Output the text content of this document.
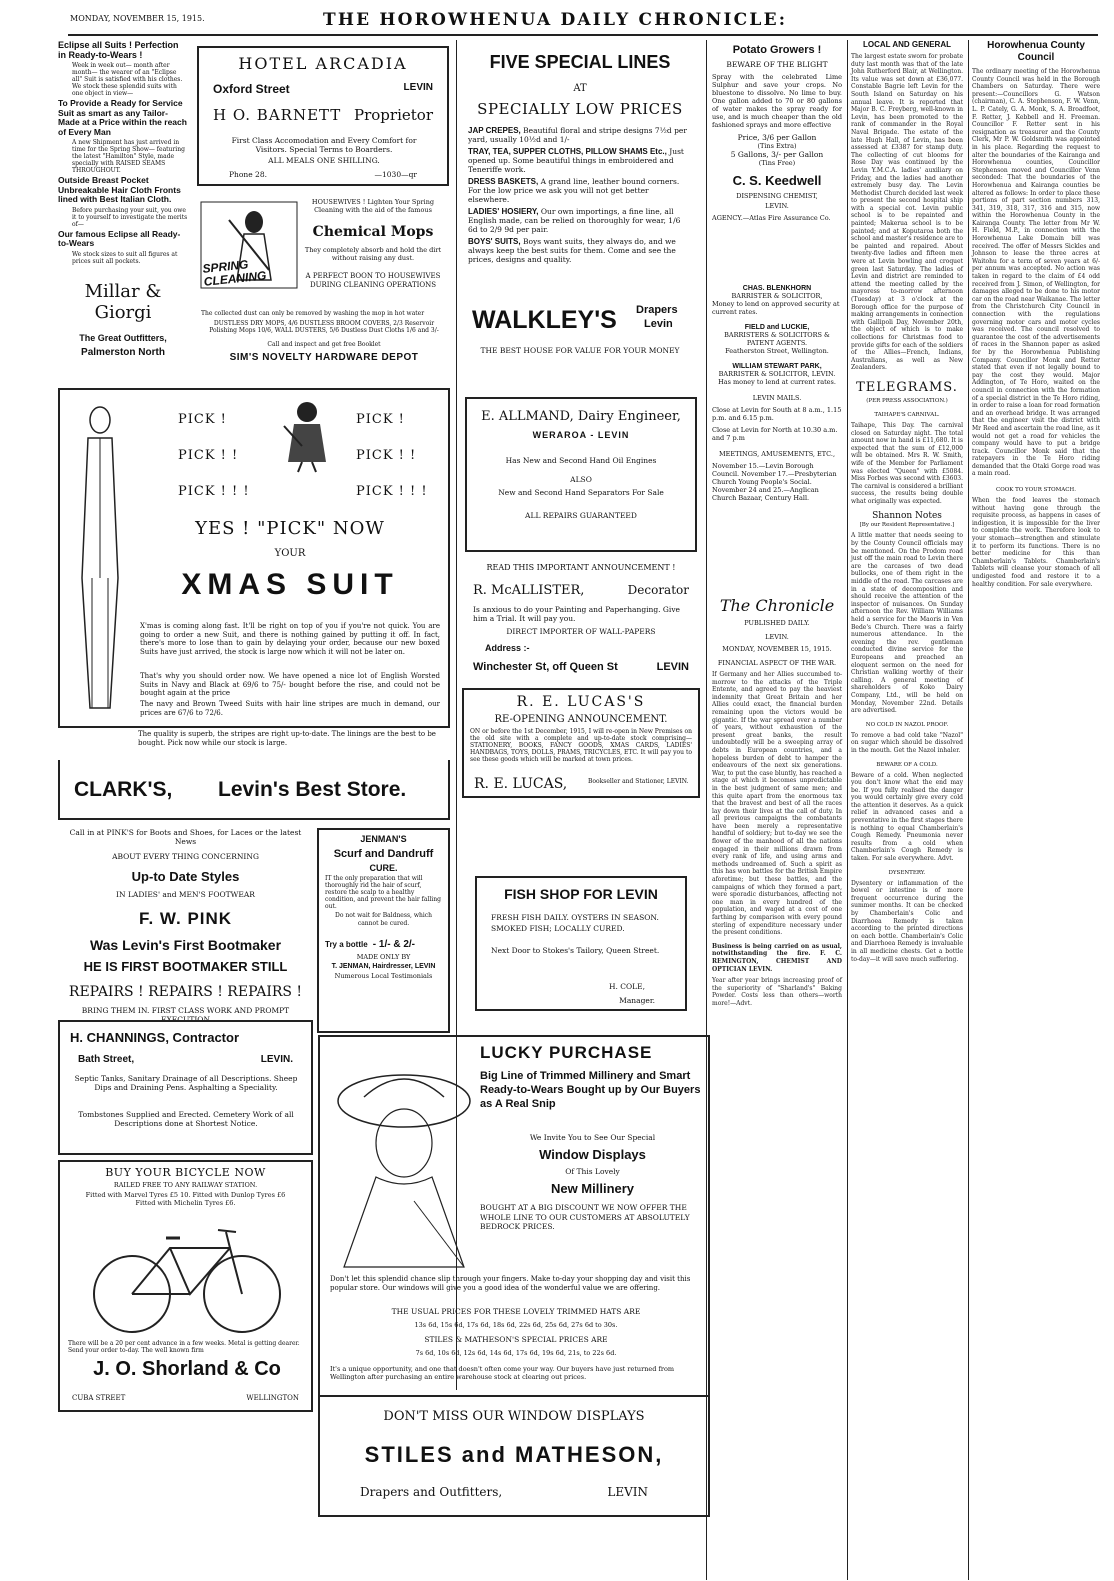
MONDAY, NOVEMBER 15, 1915.	THE HOROWHENUA DAILY CHRONICLE:
Eclipse all Suits ! Perfection in Ready-to-Wears !
Week in week out— month after month— the wearer of an "Eclipse all" Suit is satisfied with his clothes. We stock these splendid suits with one object in view—
To Provide a Ready for Service Suit as smart as any Tailor-Made at a Price within the reach of Every Man
A new Shipment has just arrived in time for the Spring Show— featuring the latest "Hamilton" Style, made specially with RAISED SEAMS THROUGHOUT.
Outside Breast Pocket Unbreakable Hair Cloth Fronts lined with Best Italian Cloth.
Before purchasing your suit, you owe it to yourself to investigate the merits of—
Our famous Eclipse all Ready-to-Wears
We stock sizes to suit all figures at prices suit all pockets.
Millar & Giorgi
The Great Outfitters,
Palmerston North
HOTEL ARCADIA
Oxford Street	LEVIN
H O. BARNETT Proprietor
First Class Accomodation and Every Comfort for Visitors. Special Terms to Boarders.
ALL MEALS ONE SHILLING.
Phone 28.	—1030—qr
SPRING CLEANING
HOUSEWIVES ! Lighten Your Spring Cleaning with the aid of the famous
Chemical Mops
They completely absorb and hold the dirt without raising any dust.
A PERFECT BOON TO HOUSEWIVES DURING CLEANING OPERATIONS
The collected dust can only be removed by washing the mop in hot water
DUSTLESS DRY MOPS, 4/6 DUSTLESS BROOM COVERS, 2/3 Reservoir Polishing Mops 10/6, WALL DUSTERS, 5/6 Dustless Dust Cloths 1/6 and 3/-
Call and inspect and get free Booklet
SIM'S NOVELTY HARDWARE DEPOT
PICK !
PICK ! !
PICK ! ! !
PICK !
PICK ! !
PICK ! ! !
YES ! "PICK" NOW
YOUR
XMAS SUIT
X'mas is coming along fast. It'll be right on top of you if you're not quick. You are going to order a new Suit, and there is nothing gained by putting it off. In fact, there's more to lose than to gain by delaying your order, because our new boxed Suits have just arrived, the stock is large now which it will not be later on.
That's why you should order now. We have opened a nice lot of English Worsted Suits in Navy and Black at 69/6 to 75/- bought before the rise, and could not be bought again at the price
The navy and Brown Tweed Suits with hair line stripes are much in demand, our prices are 67/6 to 72/6.
The quality is superb, the stripes are right up-to-date. The linings are the best to be bought. Pick now while our stock is large.
CLARK'S, Levin's Best Store.
Call in at PINK'S for Boots and Shoes, for Laces or the latest News
ABOUT EVERY THING CONCERNING
Up-to Date Styles
IN LADIES' and MEN'S FOOTWEAR
F. W. PINK
Was Levin's First Bootmaker
HE IS FIRST BOOTMAKER STILL
REPAIRS ! REPAIRS ! REPAIRS !
BRING THEM IN. FIRST CLASS WORK AND PROMPT EXECUTION
JENMAN'S
Scurf and Dandruff
CURE.
IT the only preparation that will thoroughly rid the hair of scurf, restore the scalp to a healthy condition, and prevent the hair falling out.
Do not wait for Baldness, which cannot be cured.
Try a bottle - 1/- & 2/-
MADE ONLY BY
T. JENMAN, Hairdresser, LEVIN
Numerous Local Testimonials
H. CHANNINGS, Contractor
Bath Street,	LEVIN.
Septic Tanks, Sanitary Drainage of all Descriptions. Sheep Dips and Draining Pens. Asphalting a Speciality.
Tombstones Supplied and Erected. Cemetery Work of all Descriptions done at Shortest Notice.
BUY YOUR BICYCLE NOW
RAILED FREE TO ANY RAILWAY STATION.
Fitted with Marvel Tyres £5 10. Fitted with Dunlop Tyres £6
Fitted with Michelin Tyres £6.
There will be a 20 per cent advance in a few weeks. Metal is getting dearer. Send your order to-day. The well known firm
J. O. Shorland & Co
CUBA STREET	WELLINGTON
FIVE SPECIAL LINES
AT
SPECIALLY LOW PRICES

JAP CREPES, Beautiful floral and stripe designs 7½d per yard, usually 10½d and 1/-

TRAY, TEA, SUPPER CLOTHS, PILLOW SHAMS Etc., Just opened up. Some beautiful things in embroidered and Teneriffe work.

DRESS BASKETS, A grand line, leather bound corners. For the low price we ask you will not get better elsewhere.

LADIES' HOSIERY, Our own importings, a fine line, all English made, can be relied on thoroughly for wear, 1/6 6d to 2/9 9d per pair.

BOYS' SUITS, Boys want suits, they always do, and we always keep the best suits for them. Come and see the prices, designs and quality.

WALKLEY'S Drapers
Levin
THE BEST HOUSE FOR VALUE FOR YOUR MONEY
E. ALLMAND, Dairy Engineer,
WERAROA - LEVIN
Has New and Second Hand Oil Engines
ALSO
New and Second Hand Separators For Sale
ALL REPAIRS GUARANTEED
READ THIS IMPORTANT ANNOUNCEMENT !
R. McALLISTER,	Decorator
Is anxious to do your Painting and Paperhanging. Give him a Trial. It will pay you.
DIRECT IMPORTER OF WALL-PAPERS
Address :-
Winchester St, off Queen St	LEVIN
R. E. LUCAS'S
RE-OPENING ANNOUNCEMENT.
ON or before the 1st December, 1915, I will re-open in New Premises on the old site with a complete and up-to-date stock comprising— STATIONERY, BOOKS, FANCY GOODS, XMAS CARDS, LADIES' HANDBAGS, TOYS, DOLLS, PRAMS, TRICYCLES, ETC. It will pay you to see these goods which will be marked at town prices.
R. E. LUCAS,	Bookseller and Stationer, LEVIN.
FISH SHOP FOR LEVIN
FRESH FISH DAILY. OYSTERS IN SEASON. SMOKED FISH; LOCALLY CURED.
Next Door to Stokes's Tailory, Queen Street.
H. COLE,
Manager.
LUCKY PURCHASE
Big Line of Trimmed Millinery and Smart Ready-to-Wears Bought up by Our Buyers as A Real Snip
We Invite You to See Our Special
Window Displays
Of This Lovely
New Millinery
BOUGHT AT A BIG DISCOUNT WE NOW OFFER THE WHOLE LINE TO OUR CUSTOMERS AT ABSOLUTELY BEDROCK PRICES.
Don't let this splendid chance slip through your fingers. Make to-day your shopping day and visit this popular store. Our windows will give you a good idea of the wonderful value we are offering.
THE USUAL PRICES FOR THESE LOVELY TRIMMED HATS ARE
13s 6d, 15s 6d, 17s 6d, 18s 6d, 22s 6d, 25s 6d, 27s 6d to 30s.
STILES & MATHESON'S SPECIAL PRICES ARE
7s 6d, 10s 6d, 12s 6d, 14s 6d, 17s 6d, 19s 6d, 21s, to 22s 6d.
It's a unique opportunity, and one that doesn't often come your way. Our buyers have just returned from Wellington after purchasing an entire warehouse stock at clearing out prices.
DON'T MISS OUR WINDOW DISPLAYS
STILES and MATHESON,
Drapers and Outfitters,	LEVIN
Potato Growers !
BEWARE OF THE BLIGHT
Spray with the celebrated Lime Sulphur and save your crops. No bluestone to dissolve. No lime to buy. One gallon added to 70 or 80 gallons of water makes the spray ready for use, and is much cheaper than the old fashioned sprays and more effective
Price, 3/6 per Gallon
(Tins Extra)
5 Gallons, 3/- per Gallon
(Tins Free)
C. S. Keedwell
DISPENSING CHEMIST,
LEVIN.
AGENCY.—Atlas Fire Assurance Co.
CHAS. BLENKHORN
BARRISTER & SOLICITOR,
Money to lend on approved security at current rates.
FIELD and LUCKIE,
BARRISTERS & SOLICITORS & PATENT AGENTS.
Featherston Street, Wellington.
WILLIAM STEWART PARK,
BARRISTER & SOLICITOR, LEVIN.
Has money to lend at current rates.
LEVIN MAILS.
Close at Levin for South at 8 a.m., 1.15 p.m. and 6.15 p.m.
Close at Levin for North at 10.30 a.m. and 7 p.m
MEETINGS, AMUSEMENTS, ETC.,
November 15.—Levin Borough Council. November 17.—Presbyterian Church Young People's Social. November 24 and 25.—Anglican Church Bazaar, Century Hall.
The Chronicle
PUBLISHED DAILY.
LEVIN.
MONDAY, NOVEMBER 15, 1915.
FINANCIAL ASPECT OF THE WAR.
If Germany and her Allies succumbed to-morrow to the attacks of the Triple Entente, and agreed to pay the heaviest indemnity that Great Britain and her Allies could exact, the financial burden remaining upon the victors would be gigantic. If the war spread over a number of years, without exhaustion of the present great banks, the result undoubtedly will be a sweeping array of debts in European countries, and a hopeless burden of debt to hamper the endeavours of the next six generations. War, to put the case bluntly, has reached a stage at which it becomes unpredictable in the best judgment of same men; and this quite apart from the enormous tax that the bravest and best of all the races lay down their lives at the call of duty. In all previous campaigns the combatants have been merely a representative handful of soldiery; but to-day we see the flower of the manhood of all the nations engaged in their millions drawn from every rank of life, and using arms and methods undreamed of. Such a spirit as this has won battles for the British Empire aforetime; but these battles, and the campaigns of which they formed a part, were sporadic disturbances, affecting not one man in every hundred of the population, and waged at a cost of one farthing by comparison with every pound sterling of expenditure necessary under the present conditions.
Business is being carried on as usual, notwithstanding the fire. F. C. REMINGTON, CHEMIST AND OPTICIAN LEVIN.
Year after year brings increasing proof of the superiority of "Sharland's" Baking Powder. Costs less than others—worth more!—Advt.
LOCAL AND GENERAL
The largest estate sworn for probate duty last month was that of the late John Rutherford Blair, at Wellington. Its value was set down at £36,077. Constable Bagrie left Levin for the South Island on Saturday on his annual leave. It is reported that Major B. C. Freyberg, well-known in Levin, has been promoted to the rank of commander in the Royal Naval Brigade. The estate of the late Hugh Hall, of Levin, has been assessed at £3387 for stamp duty. The collecting of cut blooms for Rose Day was continued by the Levin Y.M.C.A. ladies' auxiliary on Friday, and the ladies had another extremely busy day. The Levin Methodist Church decided last week to present the second hospital ship with a special cot. Levin public school is to be repainted and painted; Makerua school is to be painted; and at Koputaroa both the school and master's residence are to be painted and repaired. About twenty-five ladies and fifteen men were at Levin bowling and croquet green last Saturday. The ladies of Levin and district are reminded to attend the meeting called by the mayoress to-morrow afternoon (Tuesday) at 3 o'clock at the Borough office for the purpose of making arrangements in connection with Gallipoli Day, November 20th, the object of which is to make collections for Christmas food to provide gifts for each of the soldiers of the Allies—French, Indians, Australians, as well as New Zealanders.
TELEGRAMS.
(PER PRESS ASSOCIATION.)
TAIHAPE'S CARNIVAL.
Taihape, This Day. The carnival closed on Saturday night. The total amount now in hand is £11,680. It is expected that the sum of £12,000 will be obtained. Mrs R. W. Smith, wife of the Member for Parliament was elected "Queen" with £5084. Miss Forbes was second with £3603. The carnival is considered a brilliant success, the results being double what originally was expected.
Shannon Notes
[By our Resident Representative.]
A little matter that needs seeing to by the County Council officials may be mentioned. On the Prodom road just off the main road to Levin there are the carcases of two dead bullocks, one of them right in the middle of the road. The carcases are in a state of decomposition and should receive the attention of the inspector of nuisances. On Sunday afternoon the Rev. William Williams held a service for the Maoris in Ven Bede's Church. There was a fairly numerous attendance. In the evening the rev. gentleman conducted divine service for the Europeans and preached an eloquent sermon on the need for Christian walking worthy of their calling. A general meeting of shareholders of Koko Dairy Company, Ltd., will be held on Monday, November 22nd. Details are advertised.
NO COLD IN NAZOL PROOF.
To remove a bad cold take "Nazol" on sugar which should be dissolved in the mouth. Get the Nazol inhaler.
BEWARE OF A COLD.
Beware of a cold. When neglected you don't know what the end may be. If you fully realised the danger you would certainly give every cold the attention it deserves. As a quick relief in advanced cases and a preventative in the first stages there is nothing to equal Chamberlain's Cough Remedy. Pneumonia never results from a cold when Chamberlain's Cough Remedy is taken. For sale everywhere. Advt.
DYSENTERY.
Dysentery or inflammation of the bowel or intestine is of more frequent occurrence during the summer months. It can be checked by Chamberlain's Colic and Diarrhoea Remedy is taken according to the printed directions on each bottle. Chamberlain's Colic and Diarrhoea Remedy is invaluable in all medicine chests. Get a bottle to-day—it will save much suffering.
Horowhenua County Council
The ordinary meeting of the Horowhenua County Council was held in the Borough Chambers on Saturday. There were present:—Councillors G. Watson (chairman), C. A. Stephenson, F. W. Venn, L. P. Cately, G. A. Monk, S. A. Broadfoot, F. Retter, J. Kebbell and H. Freeman. Councillor F. Retter sent in his resignation as treasurer and the County Clerk, Mr P. W. Goldsmith was appointed in his place. Regarding the request to alter the boundaries of the Kairanga and Horowhenua counties, Councillor Stephenson moved and Councillor Venn seconded: That the boundaries of the Horowhenua and Kairanga counties be altered as follows: In order to place these portions of part section numbers 313, 341, 319, 318, 317, 316 and 315, now within the Horowhenua County in the Kairanga County. The letter from Mr W. H. Field, M.P., in connection with the Horowhenua Lake Domain bill was received. The offer of Messrs Sickles and Johnson to lease the three acres at Waitohu for a term of seven years at 6/- per annum was accepted. No action was taken in regard to the claim of £4 odd received from J. Simon, of Wellington, for damages alleged to be done to his motor car on the road near Waikanae. The letter from the Christchurch City Council in connection with the regulations governing motor cars and motor cycles was received. The council resolved to guarantee the cost of the advertisements of races in the Shannon paper as asked for by the Horowhenua Publishing Company. Councillor Monk and Retter stated that even if not legally bound to pay the cost they would. Major Addington, of Te Horo, waited on the council in connection with the formation of a special district in the Te Horo riding, in order to raise a loan for road formation and an overhead bridge. It was arranged that the engineer visit the district with Mr Reed and ascertain the road line, as it would not get a road for vehicles the company would have to put a bridge track. Councillor Monk said that the ratepayers in the Te Horo riding demanded that the Otaki Gorge road was a main road.
COOK TO YOUR STOMACH.
When the food leaves the stomach without having gone through the requisite process, as happens in cases of indigestion, it is impossible for the liver to complete the work. Therefore look to your stomach—strengthen and stimulate it to perform its functions. There is no better medicine for this than Chamberlain's Tablets. Chamberlain's Tablets will cleanse your stomach of all undigested food and restore it to a healthy condition. For sale everywhere.
